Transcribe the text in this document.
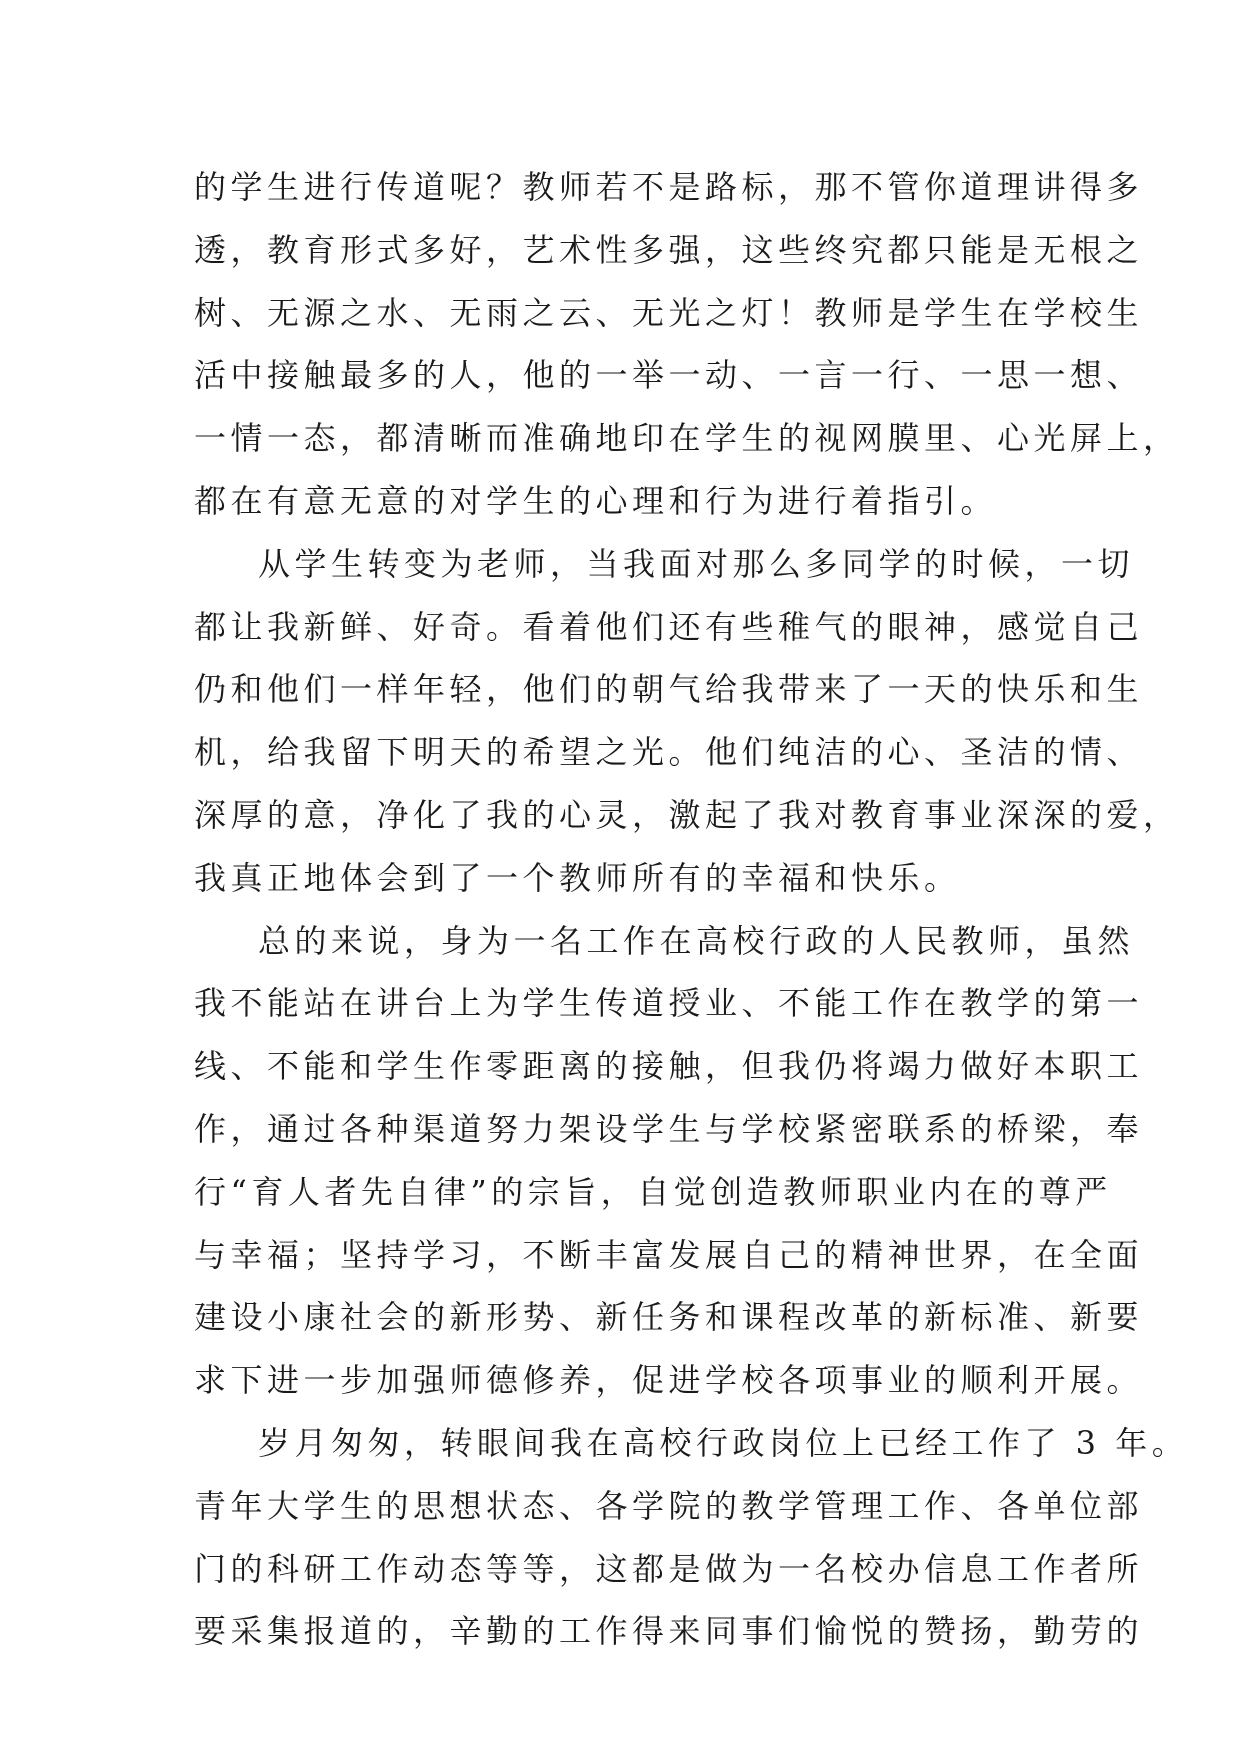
的学生进行传道呢？教师若不是路标，那不管你道理讲得多
透，教育形式多好，艺术性多强，这些终究都只能是无根之
树、无源之水、无雨之云、无光之灯！教师是学生在学校生
活中接触最多的人，他的一举一动、一言一行、一思一想、
一情一态，都清晰而准确地印在学生的视网膜里、心光屏上，
都在有意无意的对学生的心理和行为进行着指引。
从学生转变为老师，当我面对那么多同学的时候，一切
都让我新鲜、好奇。看着他们还有些稚气的眼神，感觉自己
仍和他们一样年轻，他们的朝气给我带来了一天的快乐和生
机，给我留下明天的希望之光。他们纯洁的心、圣洁的情、
深厚的意，净化了我的心灵，激起了我对教育事业深深的爱，
我真正地体会到了一个教师所有的幸福和快乐。
总的来说，身为一名工作在高校行政的人民教师，虽然
我不能站在讲台上为学生传道授业、不能工作在教学的第一
线、不能和学生作零距离的接触，但我仍将竭力做好本职工
作，通过各种渠道努力架设学生与学校紧密联系的桥梁，奉
行“育人者先自律”的宗旨，自觉创造教师职业内在的尊严
与幸福；坚持学习，不断丰富发展自己的精神世界，在全面
建设小康社会的新形势、新任务和课程改革的新标准、新要
求下进一步加强师德修养，促进学校各项事业的顺利开展。
岁月匆匆，转眼间我在高校行政岗位上已经工作了 3 年。
青年大学生的思想状态、各学院的教学管理工作、各单位部
门的科研工作动态等等，这都是做为一名校办信息工作者所
要采集报道的，辛勤的工作得来同事们愉悦的赞扬，勤劳的
